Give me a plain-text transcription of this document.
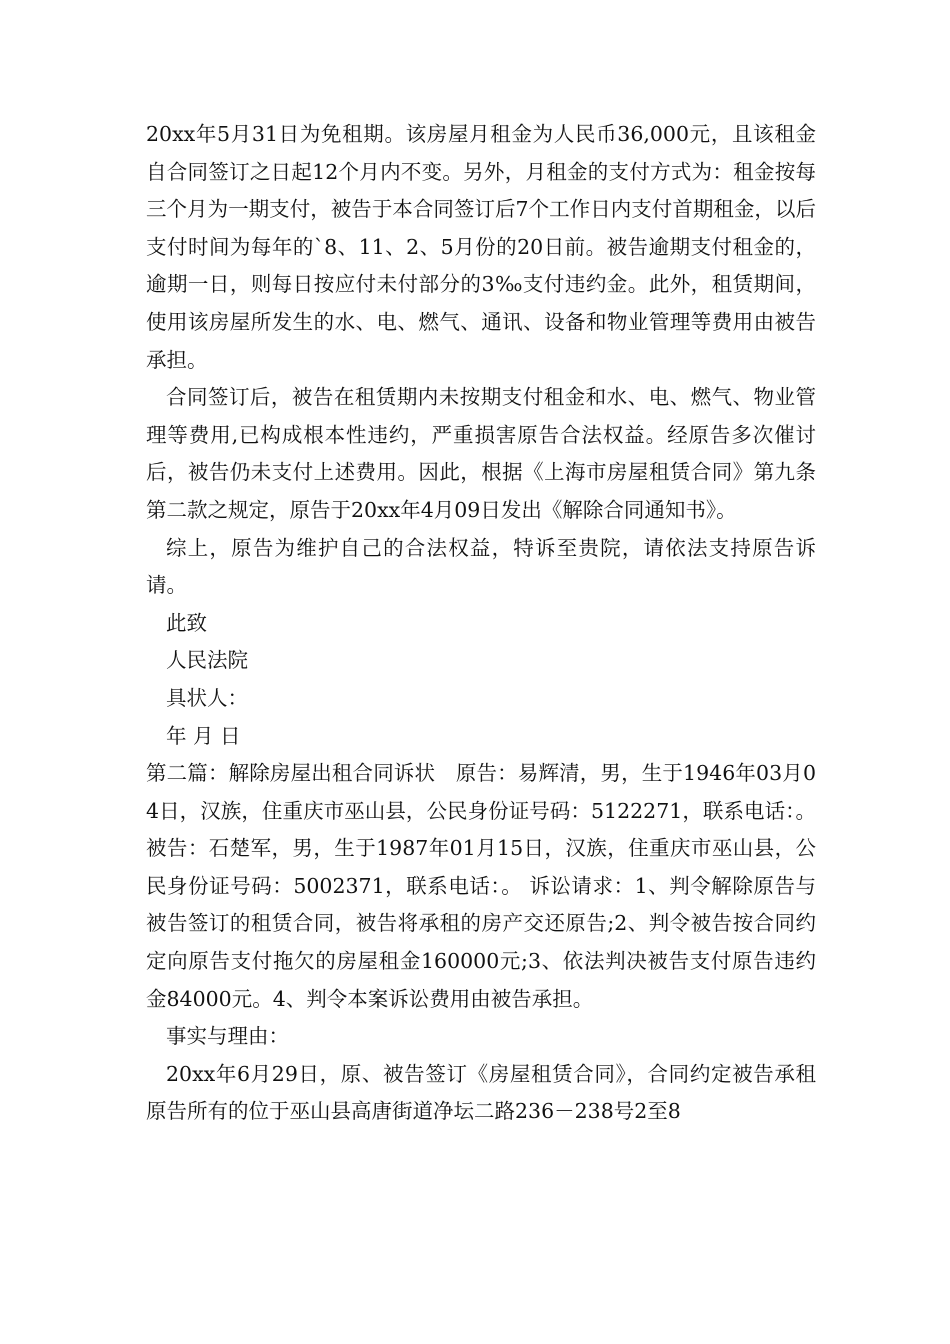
20xx年5月31日为免租期。该房屋月租金为人民币36,000元，且该租金自合同签订之日起12个月内不变。另外，月租金的支付方式为：租金按每三个月为一期支付，被告于本合同签订后7个工作日内支付首期租金，以后支付时间为每年的`8、11、2、5月份的20日前。被告逾期支付租金的，逾期一日，则每日按应付未付部分的3‰支付违约金。此外，租赁期间，使用该房屋所发生的水、电、燃气、通讯、设备和物业管理等费用由被告承担。

合同签订后，被告在租赁期内未按期支付租金和水、电、燃气、物业管理等费用,已构成根本性违约，严重损害原告合法权益。经原告多次催讨后，被告仍未支付上述费用。因此，根据《上海市房屋租赁合同》第九条第二款之规定，原告于20xx年4月09日发出《解除合同通知书》。

综上，原告为维护自己的合法权益，特诉至贵院，请依法支持原告诉请。

此致

人民法院

具状人：

年 月 日

第二篇：解除房屋出租合同诉状　原告：易辉清，男，生于1946年03月04日，汉族，住重庆市巫山县，公民身份证号码：5122271，联系电话：。 被告：石楚军，男，生于1987年01月15日，汉族，住重庆市巫山县，公民身份证号码：5002371，联系电话：。 诉讼请求：1、判令解除原告与被告签订的租赁合同，被告将承租的房产交还原告;2、判令被告按合同约定向原告支付拖欠的房屋租金160000元;3、依法判决被告支付原告违约金84000元。4、判令本案诉讼费用由被告承担。

事实与理由：

20xx年6月29日，原、被告签订《房屋租赁合同》，合同约定被告承租原告所有的位于巫山县高唐街道净坛二路236－238号2至8
